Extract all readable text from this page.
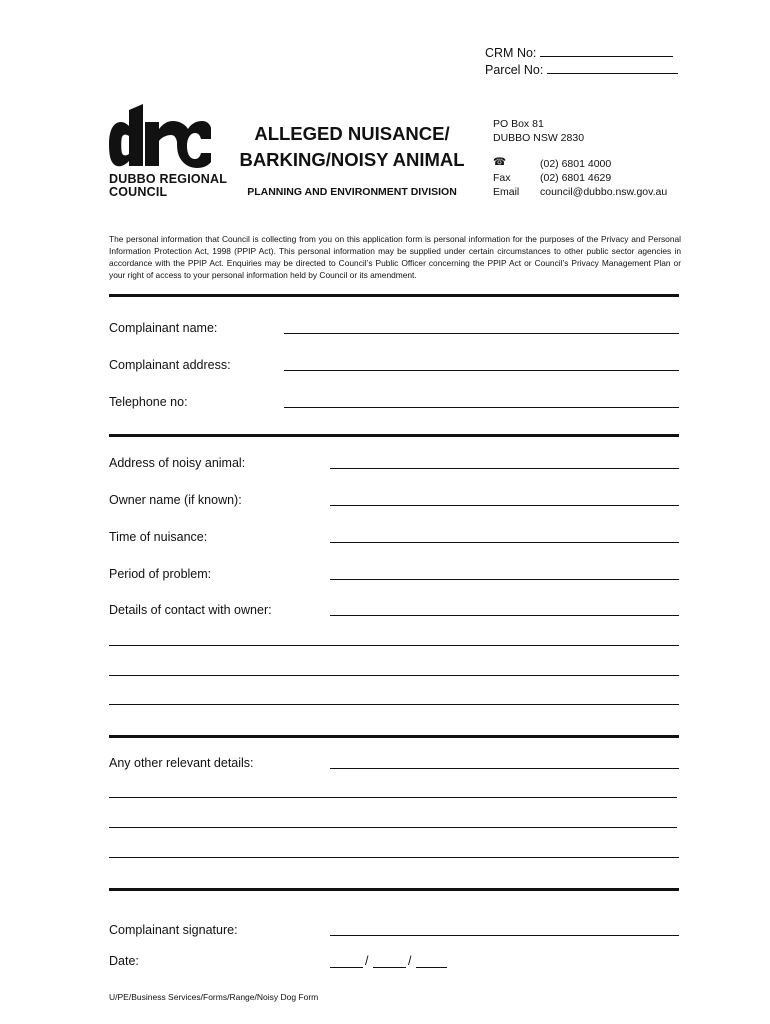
CRM No:
Parcel No:
DUBBO REGIONAL
COUNCIL
ALLEGED NUISANCE/
BARKING/NOISY ANIMAL
PLANNING AND ENVIRONMENT DIVISION
PO Box 81
DUBBO NSW 2830
☎	(02) 6801 4000
Fax	(02) 6801 4629
Email council@dubbo.nsw.gov.au
The personal information that Council is collecting from you on this application form is personal information for the purposes of the Privacy and Personal Information Protection Act, 1998 (PPIP Act). This personal information may be supplied under certain circumstances to other public sector agencies in accordance with the PPIP Act. Enquiries may be directed to Council’s Public Officer concerning the PPIP Act or Council’s Privacy Management Plan or your right of access to your personal information held by Council or its amendment.
Complainant name:
Complainant address:
Telephone no:
Address of noisy animal:
Owner name (if known):
Time of nuisance:
Period of problem:
Details of contact with owner:
Any other relevant details:
Complainant signature:
Date:	/	/
U/PE/Business Services/Forms/Range/Noisy Dog Form
